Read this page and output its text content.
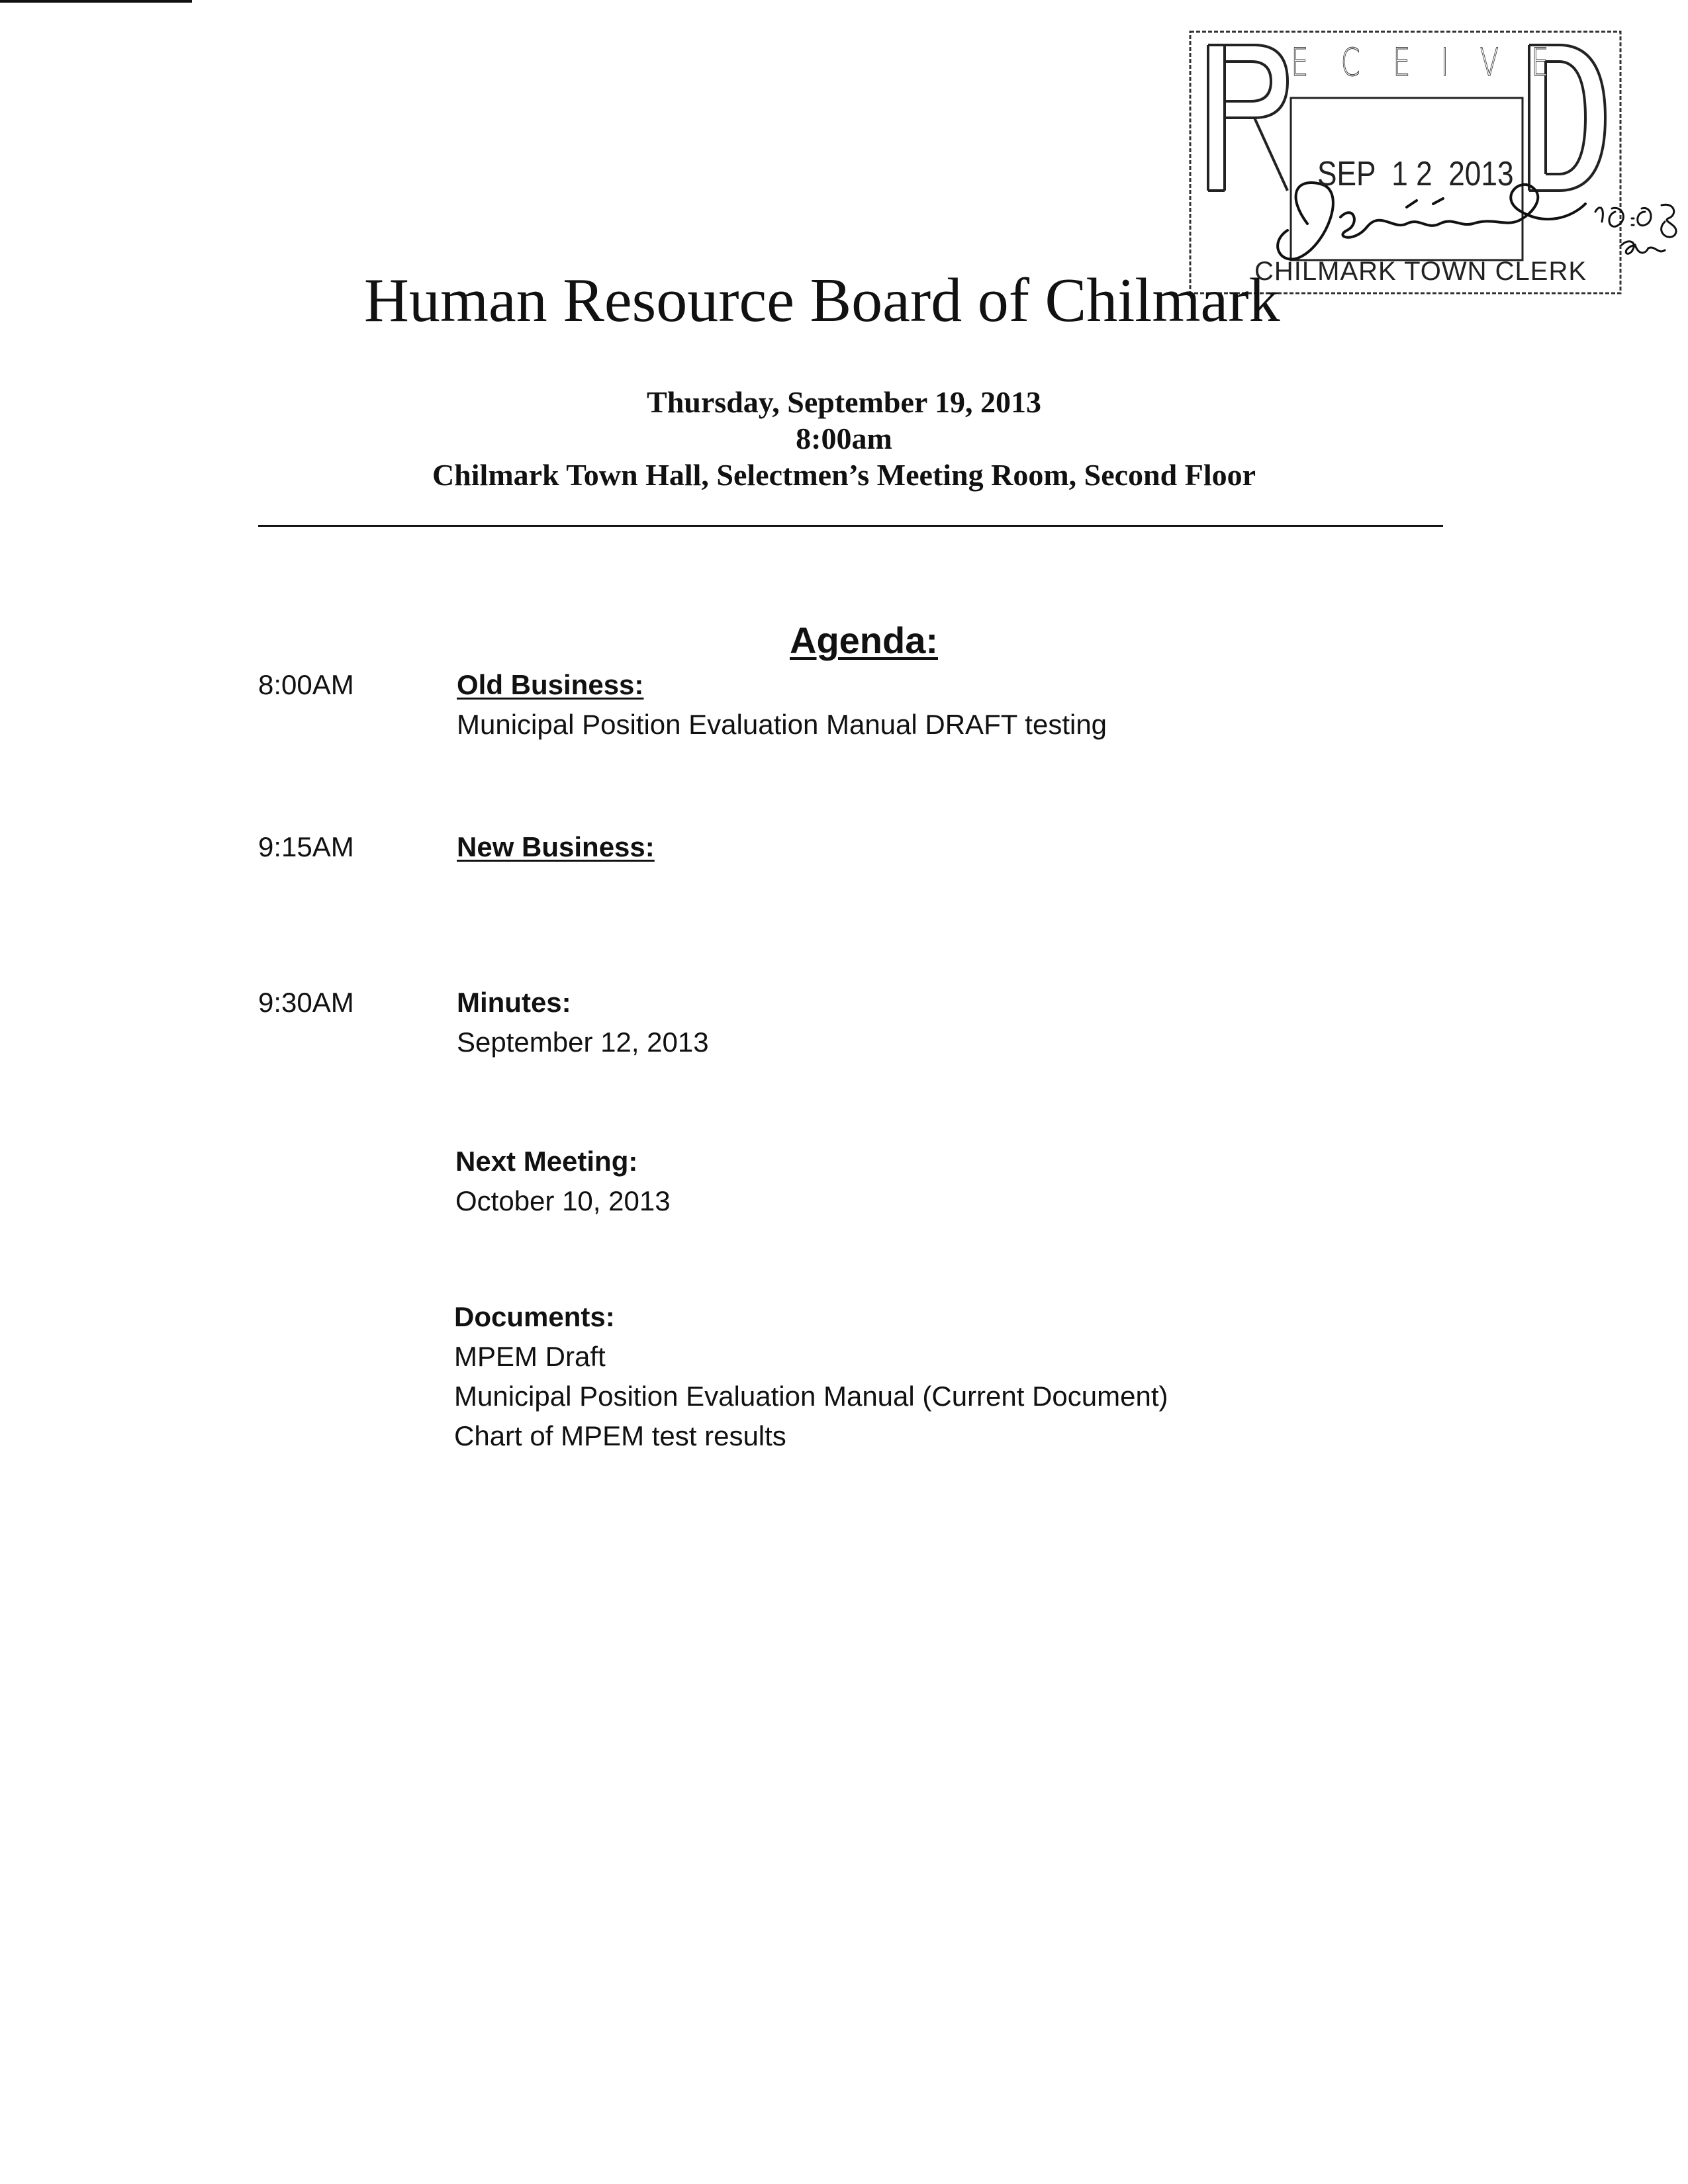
E C E I V E
SEP  1 2  2013
CHILMARK TOWN CLERK
Human Resource Board of Chilmark
Thursday, September 19, 2013
8:00am
Chilmark Town Hall, Selectmen’s Meeting Room, Second Floor
Agenda:
8:00AM	Old Business:
Municipal Position Evaluation Manual DRAFT testing
9:15AM	New Business:
9:30AM	Minutes:
September 12, 2013
Next Meeting:
October 10, 2013
Documents:
MPEM Draft
Municipal Position Evaluation Manual (Current Document)
Chart of MPEM test results
